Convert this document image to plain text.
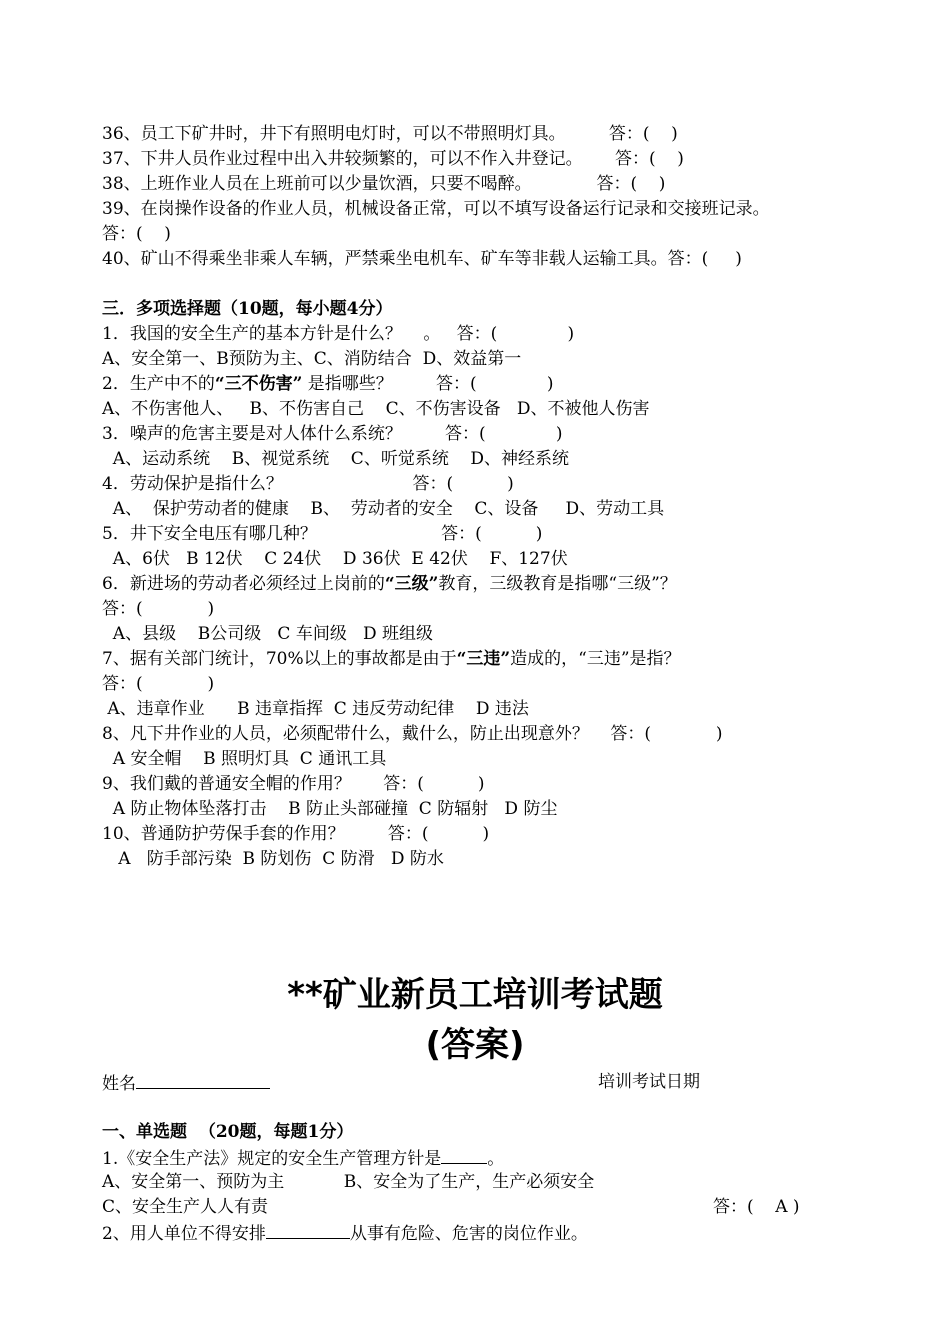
36、员工下矿井时，井下有照明电灯时，可以不带照明灯具。        答：(    )
37、下井人员作业过程中出入井较频繁的，可以不作入井登记。      答：(    )
38、上班作业人员在上班前可以少量饮酒，只要不喝醉。            答：(    )
39、在岗操作设备的作业人员，机械设备正常，可以不填写设备运行记录和交接班记录。
答：(    )
40、矿山不得乘坐非乘人车辆，严禁乘坐电机车、矿车等非载人运输工具。答：(     )
三．多项选择题（10题，每小题4分）
1．我国的安全生产的基本方针是什么？    。   答：(             )
A、安全第一、B预防为主、C、消防结合  D、效益第一
2．生产中不的“三不伤害” 是指哪些？        答：(             )
A、不伤害他人、   B、不伤害自己    C、不伤害设备   D、不被他人伤害
3．噪声的危害主要是对人体什么系统？        答：(             )
A、运动系统    B、视觉系统    C、听觉系统    D、神经系统
4．劳动保护是指什么？                        答：(          )
A、  保护劳动者的健康    B、  劳动者的安全    C、设备     D、劳动工具
5．井下安全电压有哪几种？                       答：(          )
A、6伏   B 12伏    C 24伏    D 36伏  E 42伏    F、127伏
6．新进场的劳动者必须经过上岗前的“三级”教育，三级教育是指哪“三级”？
答：(            )
A、县级    B公司级   C 车间级   D 班组级
7、据有关部门统计，70%以上的事故都是由于“三违”造成的，“三违”是指？
答：(            )
A、违章作业      B 违章指挥  C 违反劳动纪律    D 违法
8、凡下井作业的人员，必须配带什么，戴什么，防止出现意外？    答：(            )
A 安全帽    B 照明灯具  C 通讯工具
9、我们戴的普通安全帽的作用？      答：(          )
A 防止物体坠落打击    B 防止头部碰撞  C 防辐射   D 防尘
10、普通防护劳保手套的作用？        答：(          )
A   防手部污染  B 防划伤  C 防滑   D 防水
**矿业新员工培训考试题
(答案)
姓名	培训考试日期
一、单选题  （20题，每题1分）
1.《安全生产法》规定的安全生产管理方针是	。
A、安全第一、预防为主           B、安全为了生产，生产必须安全
C、安全生产人人有责	答：(    A )
2、用人单位不得安排	从事有危险、危害的岗位作业。
